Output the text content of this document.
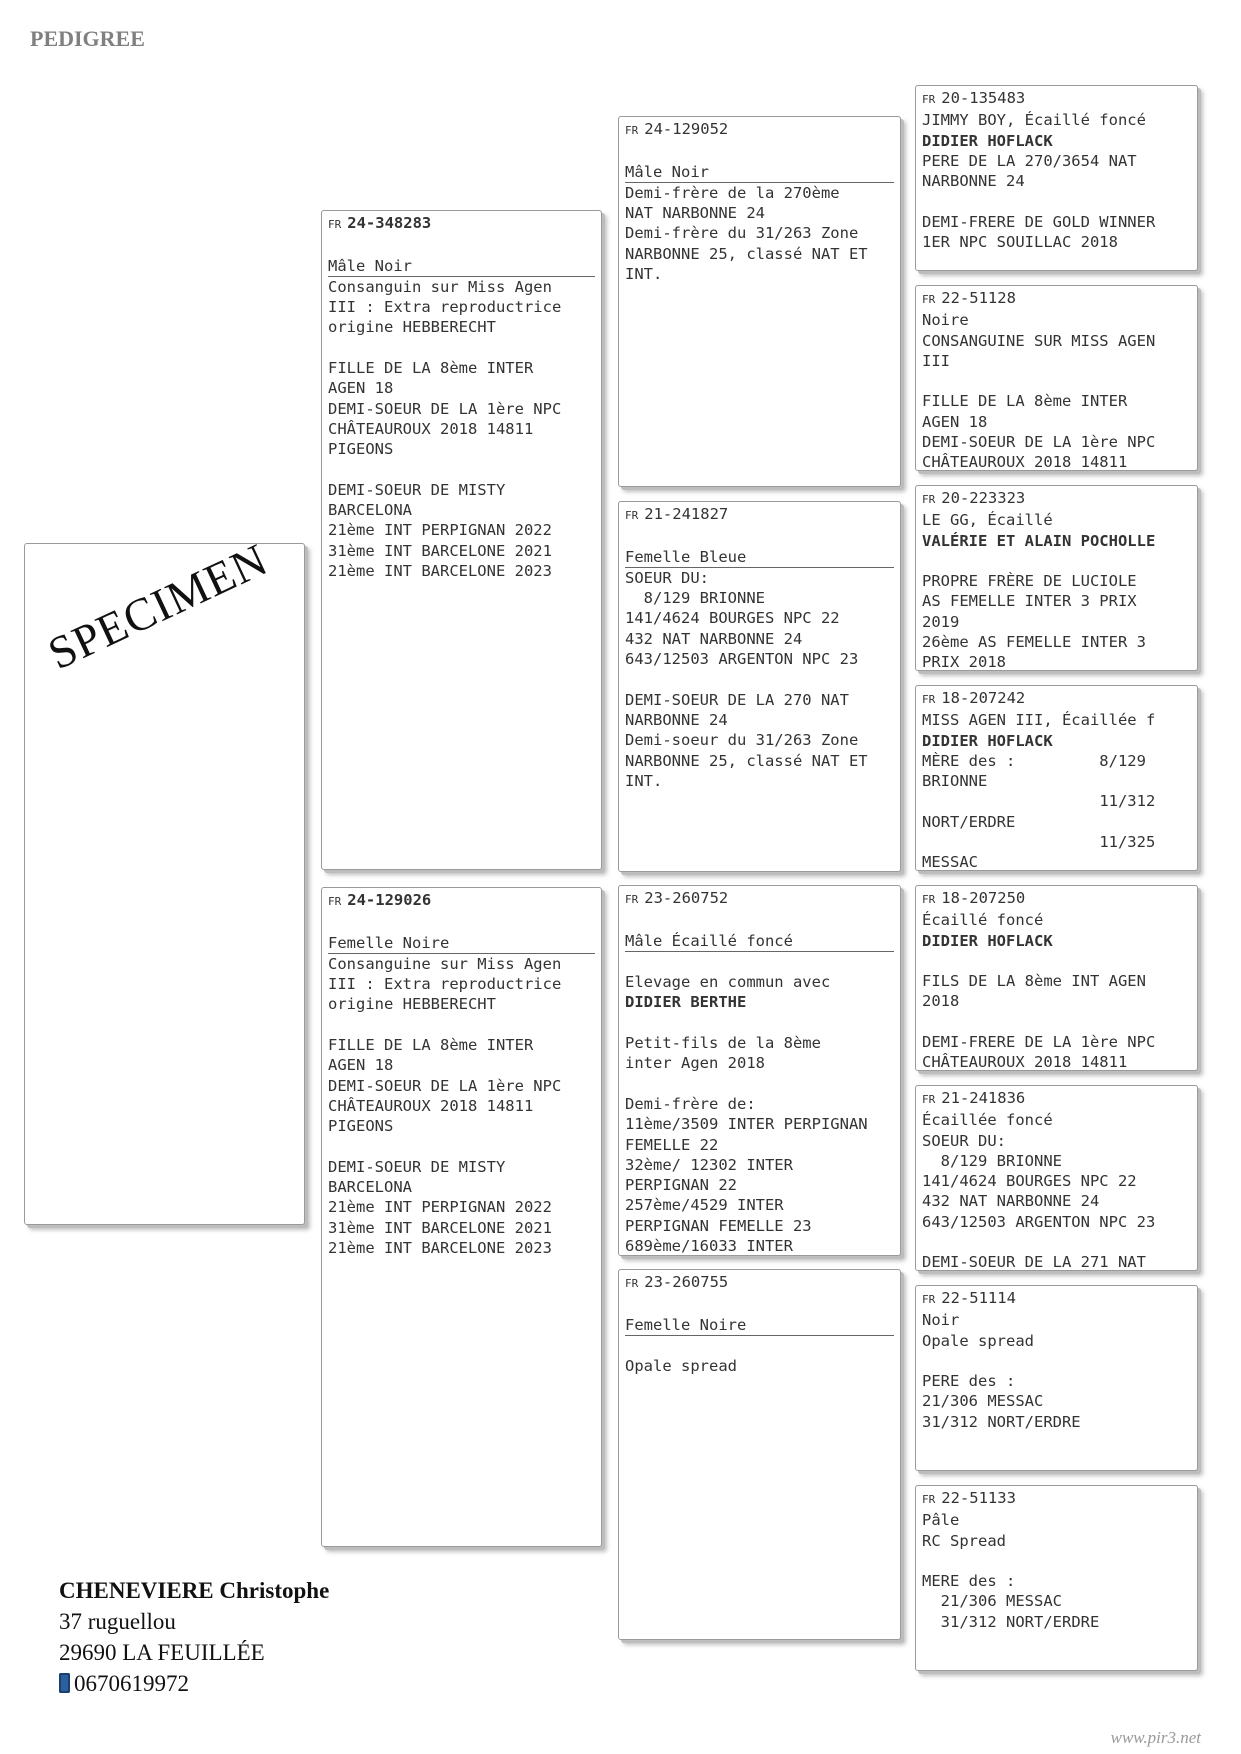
PEDIGREE
SPECIMEN
FR 24-348283

Mâle Noir
Consanguin sur Miss Agen
III : Extra reproductrice
origine HEBBERECHT

FILLE DE LA 8ème INTER
AGEN 18
DEMI-SOEUR DE LA 1ère NPC
CHÂTEAUROUX 2018 14811
PIGEONS

DEMI-SOEUR DE MISTY
BARCELONA
21ème INT PERPIGNAN 2022
31ème INT BARCELONE 2021
21ème INT BARCELONE 2023
FR 24-129026

Femelle Noire
Consanguine sur Miss Agen
III : Extra reproductrice
origine HEBBERECHT

FILLE DE LA 8ème INTER
AGEN 18
DEMI-SOEUR DE LA 1ère NPC
CHÂTEAUROUX 2018 14811
PIGEONS

DEMI-SOEUR DE MISTY
BARCELONA
21ème INT PERPIGNAN 2022
31ème INT BARCELONE 2021
21ème INT BARCELONE 2023
FR 24-129052

Mâle Noir
Demi-frère de la 270ème
NAT NARBONNE 24
Demi-frère du 31/263 Zone
NARBONNE 25, classé NAT ET
INT.
FR 21-241827

Femelle Bleue
SOEUR DU:
8/129 BRIONNE
141/4624 BOURGES NPC 22
432 NAT NARBONNE 24
643/12503 ARGENTON NPC 23

DEMI-SOEUR DE LA 270 NAT
NARBONNE 24
Demi-soeur du 31/263 Zone
NARBONNE 25, classé NAT ET
INT.
FR 23-260752

Mâle Écaillé foncé

Elevage en commun avec
DIDIER BERTHE

Petit-fils de la 8ème
inter Agen 2018

Demi-frère de:
11ème/3509 INTER PERPIGNAN
FEMELLE 22
32ème/ 12302 INTER
PERPIGNAN 22
257ème/4529 INTER
PERPIGNAN FEMELLE 23
689ème/16033 INTER
FR 23-260755

Femelle Noire

Opale spread
FR 20-135483
JIMMY BOY, Écaillé foncé
DIDIER HOFLACK
PERE DE LA 270/3654 NAT
NARBONNE 24

DEMI-FRERE DE GOLD WINNER
1ER NPC SOUILLAC 2018
FR 22-51128
Noire
CONSANGUINE SUR MISS AGEN
III

FILLE DE LA 8ème INTER
AGEN 18
DEMI-SOEUR DE LA 1ère NPC
CHÂTEAUROUX 2018 14811
FR 20-223323
LE GG, Écaillé
VALÉRIE ET ALAIN POCHOLLE

PROPRE FRÈRE DE LUCIOLE
AS FEMELLE INTER 3 PRIX
2019
26ème AS FEMELLE INTER 3
PRIX 2018
FR 18-207242
MISS AGEN III, Écaillée f
DIDIER HOFLACK
MÈRE des :         8/129
BRIONNE
11/312
NORT/ERDRE
11/325
MESSAC
FR 18-207250
Écaillé foncé
DIDIER HOFLACK

FILS DE LA 8ème INT AGEN
2018

DEMI-FRERE DE LA 1ère NPC
CHÂTEAUROUX 2018 14811
FR 21-241836
Écaillée foncé
SOEUR DU:
8/129 BRIONNE
141/4624 BOURGES NPC 22
432 NAT NARBONNE 24
643/12503 ARGENTON NPC 23

DEMI-SOEUR DE LA 271 NAT
FR 22-51114
Noir
Opale spread

PERE des :
21/306 MESSAC
31/312 NORT/ERDRE
FR 22-51133
Pâle
RC Spread

MERE des :
21/306 MESSAC
31/312 NORT/ERDRE
CHENEVIERE Christophe
37 ruguellou
29690 LA FEUILLÉE
0670619972
www.pir3.net
